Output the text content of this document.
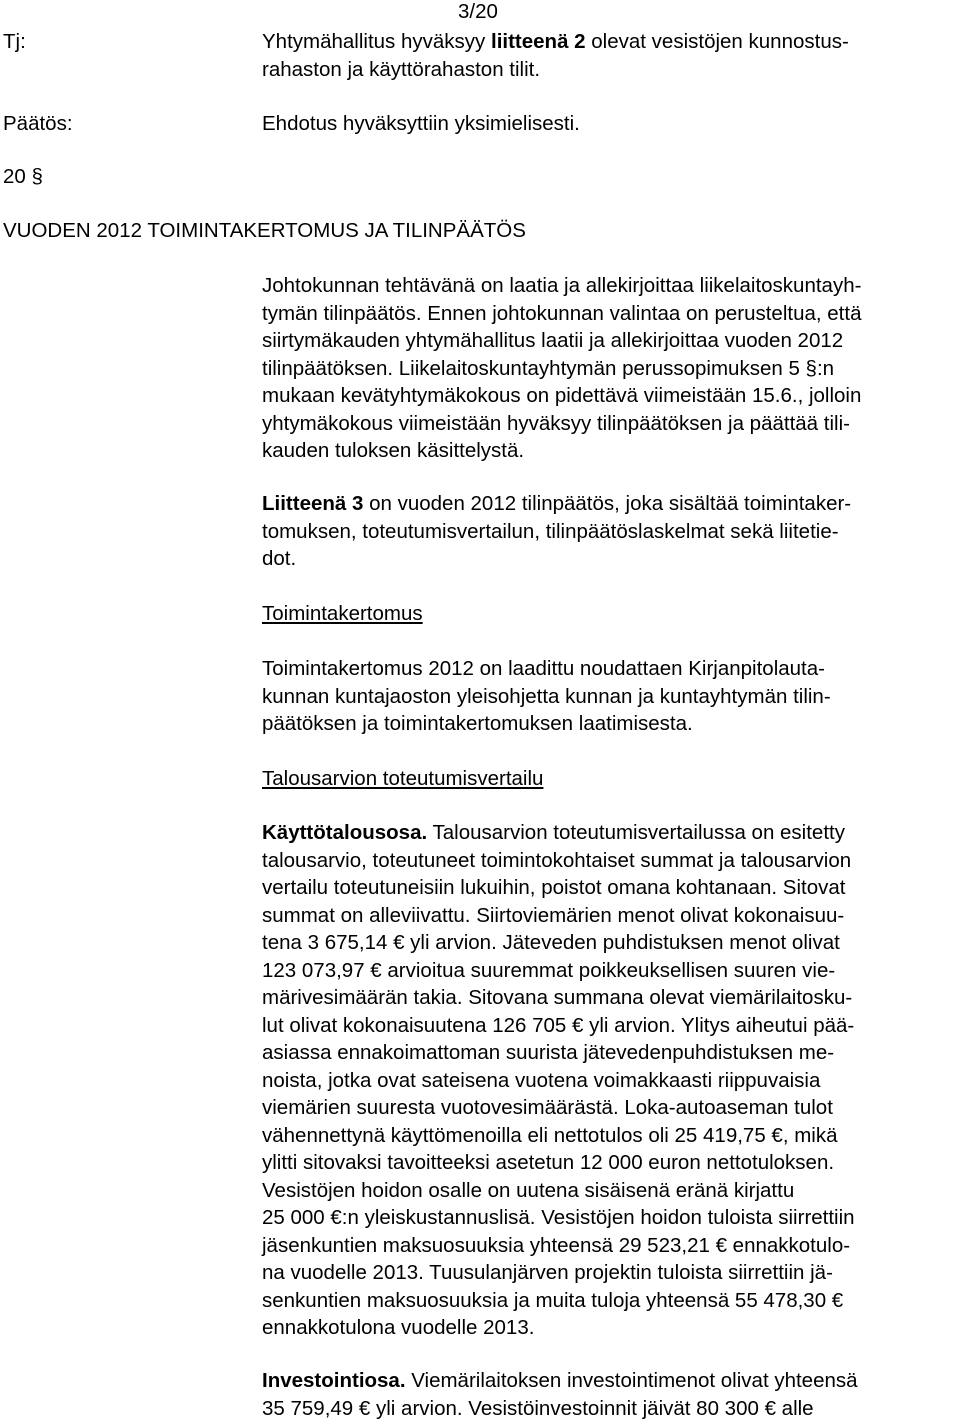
3/20
Tj:	Yhtymähallitus hyväksyy liitteenä 2 olevat vesistöjen kunnostus-

rahaston ja käyttörahaston tilit.

Päätös:	Ehdotus hyväksyttiin yksimielisesti.
20 §
VUODEN 2012 TOIMINTAKERTOMUS JA TILINPÄÄTÖS

Johtokunnan tehtävänä on laatia ja allekirjoittaa liikelaitoskuntayh-

tymän tilinpäätös. Ennen johtokunnan valintaa on perusteltua, että

siirtymäkauden yhtymähallitus laatii ja allekirjoittaa vuoden 2012

tilinpäätöksen. Liikelaitoskuntayhtymän perussopimuksen 5 §:n

mukaan kevätyhtymäkokous on pidettävä viimeistään 15.6., jolloin

yhtymäkokous viimeistään hyväksyy tilinpäätöksen ja päättää tili-

kauden tuloksen käsittelystä.

Liitteenä 3 on vuoden 2012 tilinpäätös, joka sisältää toimintaker-

tomuksen, toteutumisvertailun, tilinpäätöslaskelmat sekä liitetie-

dot.

Toimintakertomus

Toimintakertomus 2012 on laadittu noudattaen Kirjanpitolauta-

kunnan kuntajaoston yleisohjetta kunnan ja kuntayhtymän tilin-

päätöksen ja toimintakertomuksen laatimisesta.

Talousarvion toteutumisvertailu

Käyttötalousosa. Talousarvion toteutumisvertailussa on esitetty

talousarvio, toteutuneet toimintokohtaiset summat ja talousarvion

vertailu toteutuneisiin lukuihin, poistot omana kohtanaan. Sitovat

summat on alleviivattu. Siirtoviemärien menot olivat kokonaisuu-

tena 3 675,14 € yli arvion. Jäteveden puhdistuksen menot olivat

123 073,97 € arvioitua suuremmat poikkeuksellisen suuren vie-

märivesimäärän takia. Sitovana summana olevat viemärilaitosku-

lut olivat kokonaisuutena 126 705 € yli arvion. Ylitys aiheutui pää-

asiassa ennakoimattoman suurista jätevedenpuhdistuksen me-

noista, jotka ovat sateisena vuotena voimakkaasti riippuvaisia

viemärien suuresta vuotovesimäärästä. Loka-autoaseman tulot

vähennettynä käyttömenoilla eli nettotulos oli 25 419,75 €, mikä

ylitti sitovaksi tavoitteeksi asetetun 12 000 euron nettotuloksen.

Vesistöjen hoidon osalle on uutena sisäisenä eränä kirjattu

25 000 €:n yleiskustannuslisä. Vesistöjen hoidon tuloista siirrettiin

jäsenkuntien maksuosuuksia yhteensä 29 523,21 € ennakkotulo-

na vuodelle 2013. Tuusulanjärven projektin tuloista siirrettiin jä-

senkuntien maksuosuuksia ja muita tuloja yhteensä 55 478,30 €

ennakkotulona vuodelle 2013.

Investointiosa. Viemärilaitoksen investointimenot olivat yhteensä

35 759,49 € yli arvion. Vesistöinvestoinnit jäivät 80 300 € alle
